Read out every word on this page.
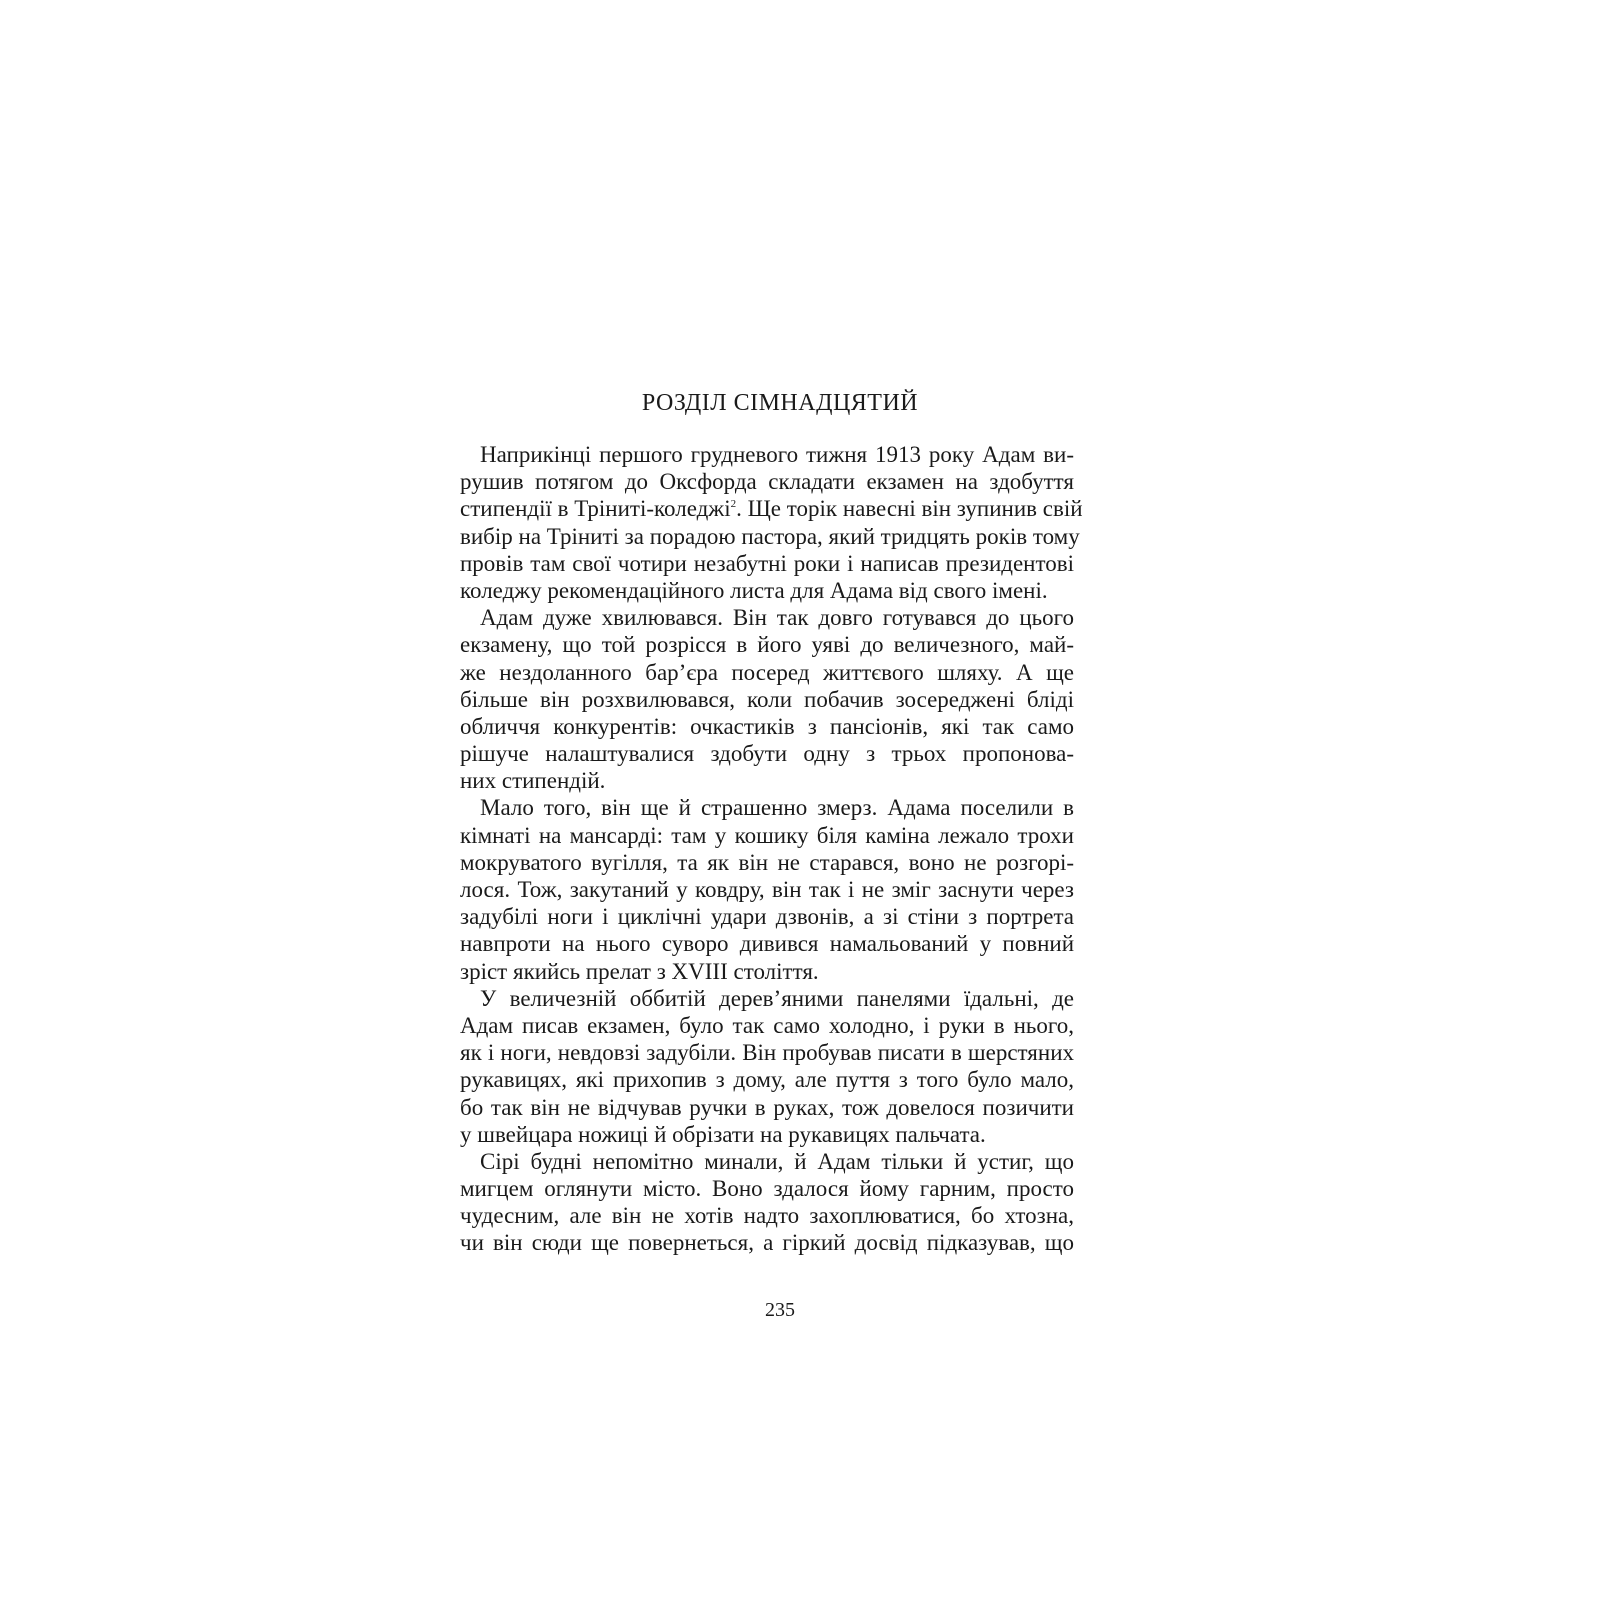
РОЗДІЛ СІМНАДЦЯТИЙ
Наприкінці першого грудневого тижня 1913 року Адам ви-
рушив потягом до Оксфорда складати екзамен на здобуття
стипендії в Тріниті-коледжі$^2$. Ще торік навесні він зупинив свій
вибір на Тріниті за порадою пастора, який тридцять років тому
провів там свої чотири незабутні роки і написав президентові
коледжу рекомендаційного листа для Адама від свого імені.
Адам дуже хвилювався. Він так довго готувався до цього
екзамену, що той розрісся в його уяві до величезного, май-
же нездоланного бар’єра посеред життєвого шляху. А ще
більше він розхвилювався, коли побачив зосереджені бліді
обличчя конкурентів: очкастиків з пансіонів, які так само
рішуче налаштувалися здобути одну з трьох пропонова-
них стипендій.
Мало того, він ще й страшенно змерз. Адама поселили в
кімнаті на мансарді: там у кошику біля каміна лежало трохи
мокруватого вугілля, та як він не старався, воно не розгорі-
лося. Тож, закутаний у ковдру, він так і не зміг заснути через
задубілі ноги і циклічні удари дзвонів, а зі стіни з портрета
навпроти на нього суворо дивився намальований у повний
зріст якийсь прелат з XVIII століття.
У величезній оббитій дерев’яними панелями їдальні, де
Адам писав екзамен, було так само холодно, і руки в нього,
як і ноги, невдовзі задубіли. Він пробував писати в шерстяних
рукавицях, які прихопив з дому, але пуття з того було мало,
бо так він не відчував ручки в руках, тож довелося позичити
у швейцара ножиці й обрізати на рукавицях пальчата.
Сірі будні непомітно минали, й Адам тільки й устиг, що
мигцем оглянути місто. Воно здалося йому гарним, просто
чудесним, але він не хотів надто захоплюватися, бо хтозна,
чи він сюди ще повернеться, а гіркий досвід підказував, що
235
